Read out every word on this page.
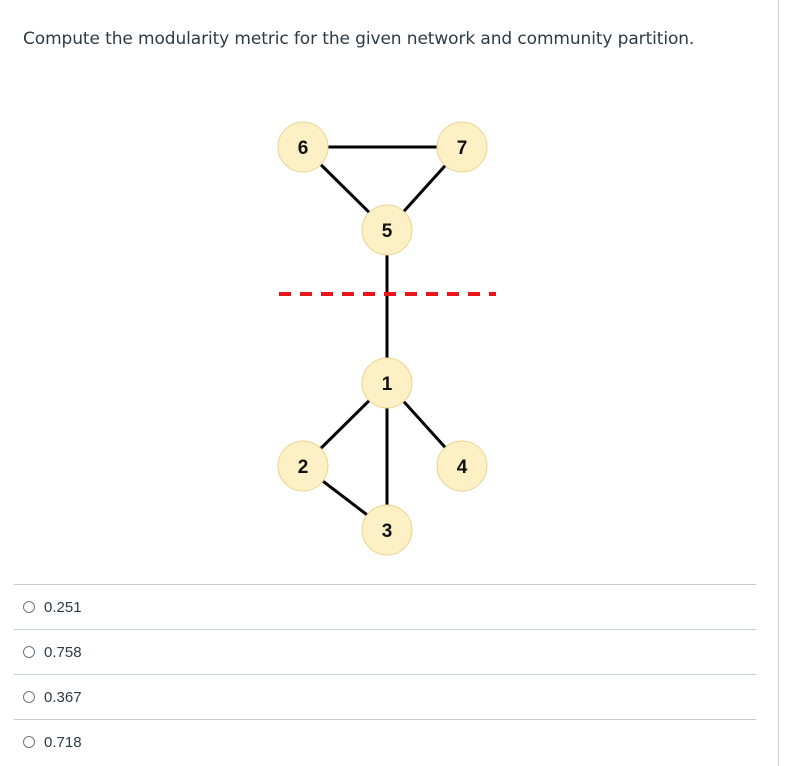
Compute the modularity metric for the given network and community partition.
6	7
5
1
2	4
3
0.251
0.758
0.367
0.718
